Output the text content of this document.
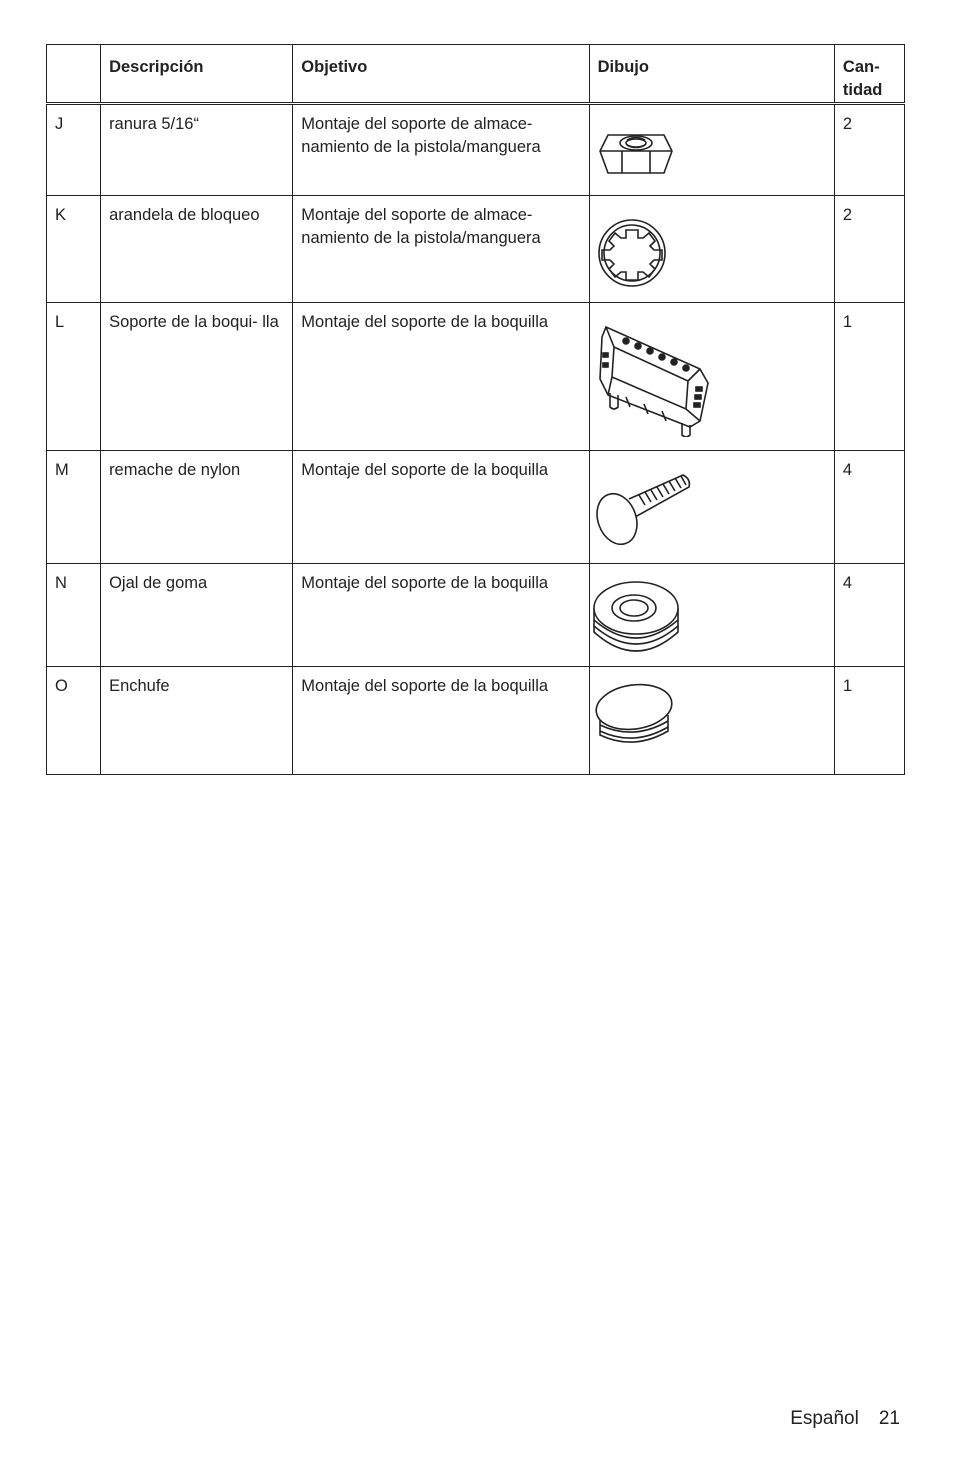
	Descripción	Objetivo	Dibujo	Can-
tidad
J	ranura 5/16“	Montaje del soporte de almace- namiento de la pistola/manguera		2
K	arandela de bloqueo	Montaje del soporte de almace- namiento de la pistola/manguera		2
L	Soporte de la boqui- lla	Montaje del soporte de la boquilla		1
M	remache de nylon	Montaje del soporte de la boquilla		4
N	Ojal de goma	Montaje del soporte de la boquilla		4
O	Enchufe	Montaje del soporte de la boquilla		1
Español 21
